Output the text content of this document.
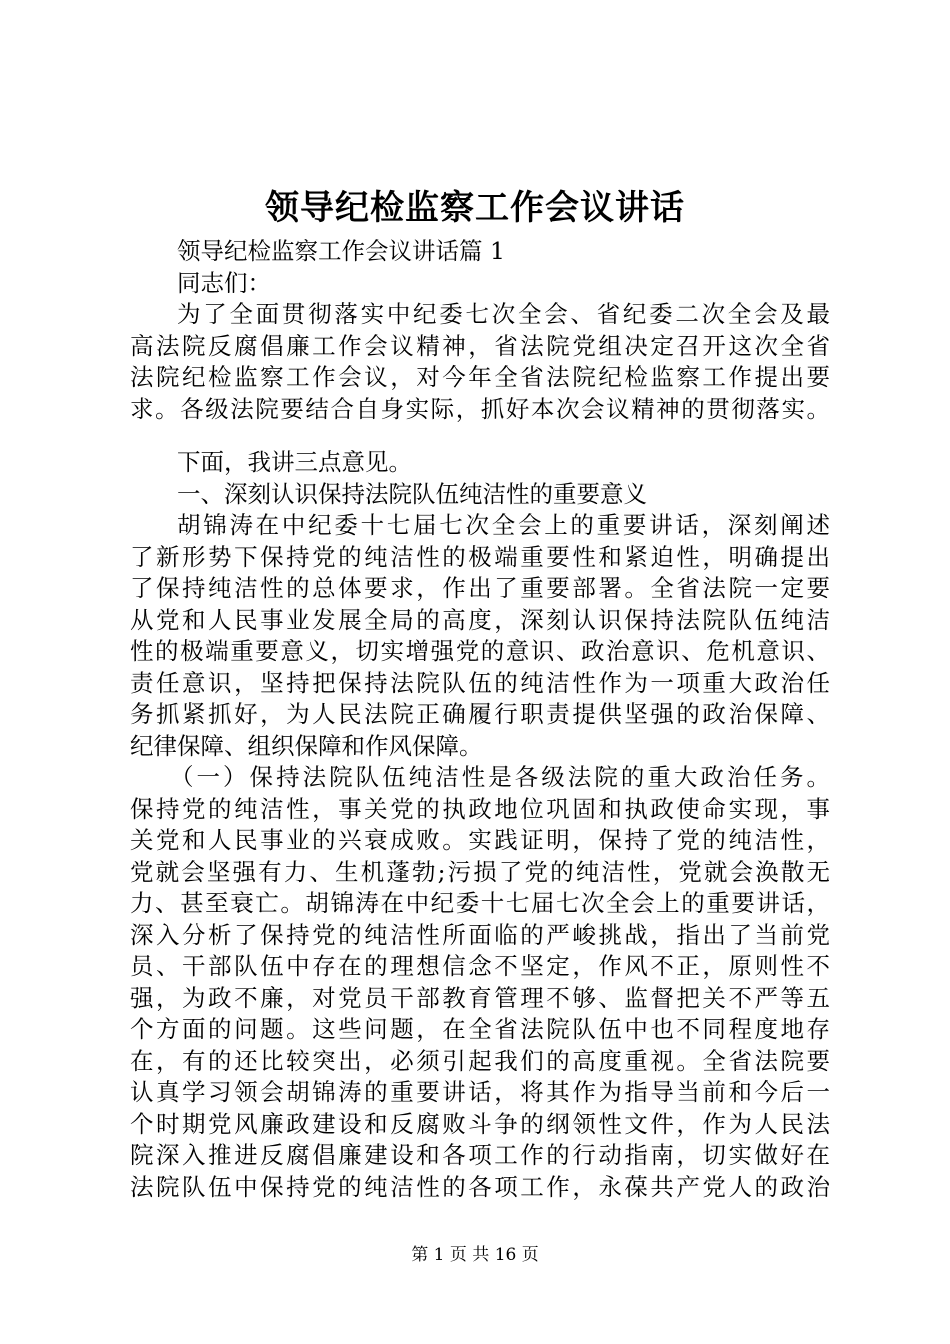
领导纪检监察工作会议讲话
领导纪检监察工作会议讲话篇 1
同志们：
为了全面贯彻落实中纪委七次全会、省纪委二次全会及最
高法院反腐倡廉工作会议精神，省法院党组决定召开这次全省
法院纪检监察工作会议，对今年全省法院纪检监察工作提出要
求。各级法院要结合自身实际，抓好本次会议精神的贯彻落实。
下面，我讲三点意见。
一、深刻认识保持法院队伍纯洁性的重要意义
胡锦涛在中纪委十七届七次全会上的重要讲话，深刻阐述
了新形势下保持党的纯洁性的极端重要性和紧迫性，明确提出
了保持纯洁性的总体要求，作出了重要部署。全省法院一定要
从党和人民事业发展全局的高度，深刻认识保持法院队伍纯洁
性的极端重要意义，切实增强党的意识、政治意识、危机意识、
责任意识，坚持把保持法院队伍的纯洁性作为一项重大政治任
务抓紧抓好，为人民法院正确履行职责提供坚强的政治保障、
纪律保障、组织保障和作风保障。
（一）保持法院队伍纯洁性是各级法院的重大政治任务。
保持党的纯洁性，事关党的执政地位巩固和执政使命实现，事
关党和人民事业的兴衰成败。实践证明，保持了党的纯洁性，
党就会坚强有力、生机蓬勃;污损了党的纯洁性，党就会涣散无
力、甚至衰亡。胡锦涛在中纪委十七届七次全会上的重要讲话，
深入分析了保持党的纯洁性所面临的严峻挑战，指出了当前党
员、干部队伍中存在的理想信念不坚定，作风不正，原则性不
强，为政不廉，对党员干部教育管理不够、监督把关不严等五
个方面的问题。这些问题，在全省法院队伍中也不同程度地存
在，有的还比较突出，必须引起我们的高度重视。全省法院要
认真学习领会胡锦涛的重要讲话，将其作为指导当前和今后一
个时期党风廉政建设和反腐败斗争的纲领性文件，作为人民法
院深入推进反腐倡廉建设和各项工作的行动指南，切实做好在
法院队伍中保持党的纯洁性的各项工作，永葆共产党人的政治
第 1 页 共 16 页
